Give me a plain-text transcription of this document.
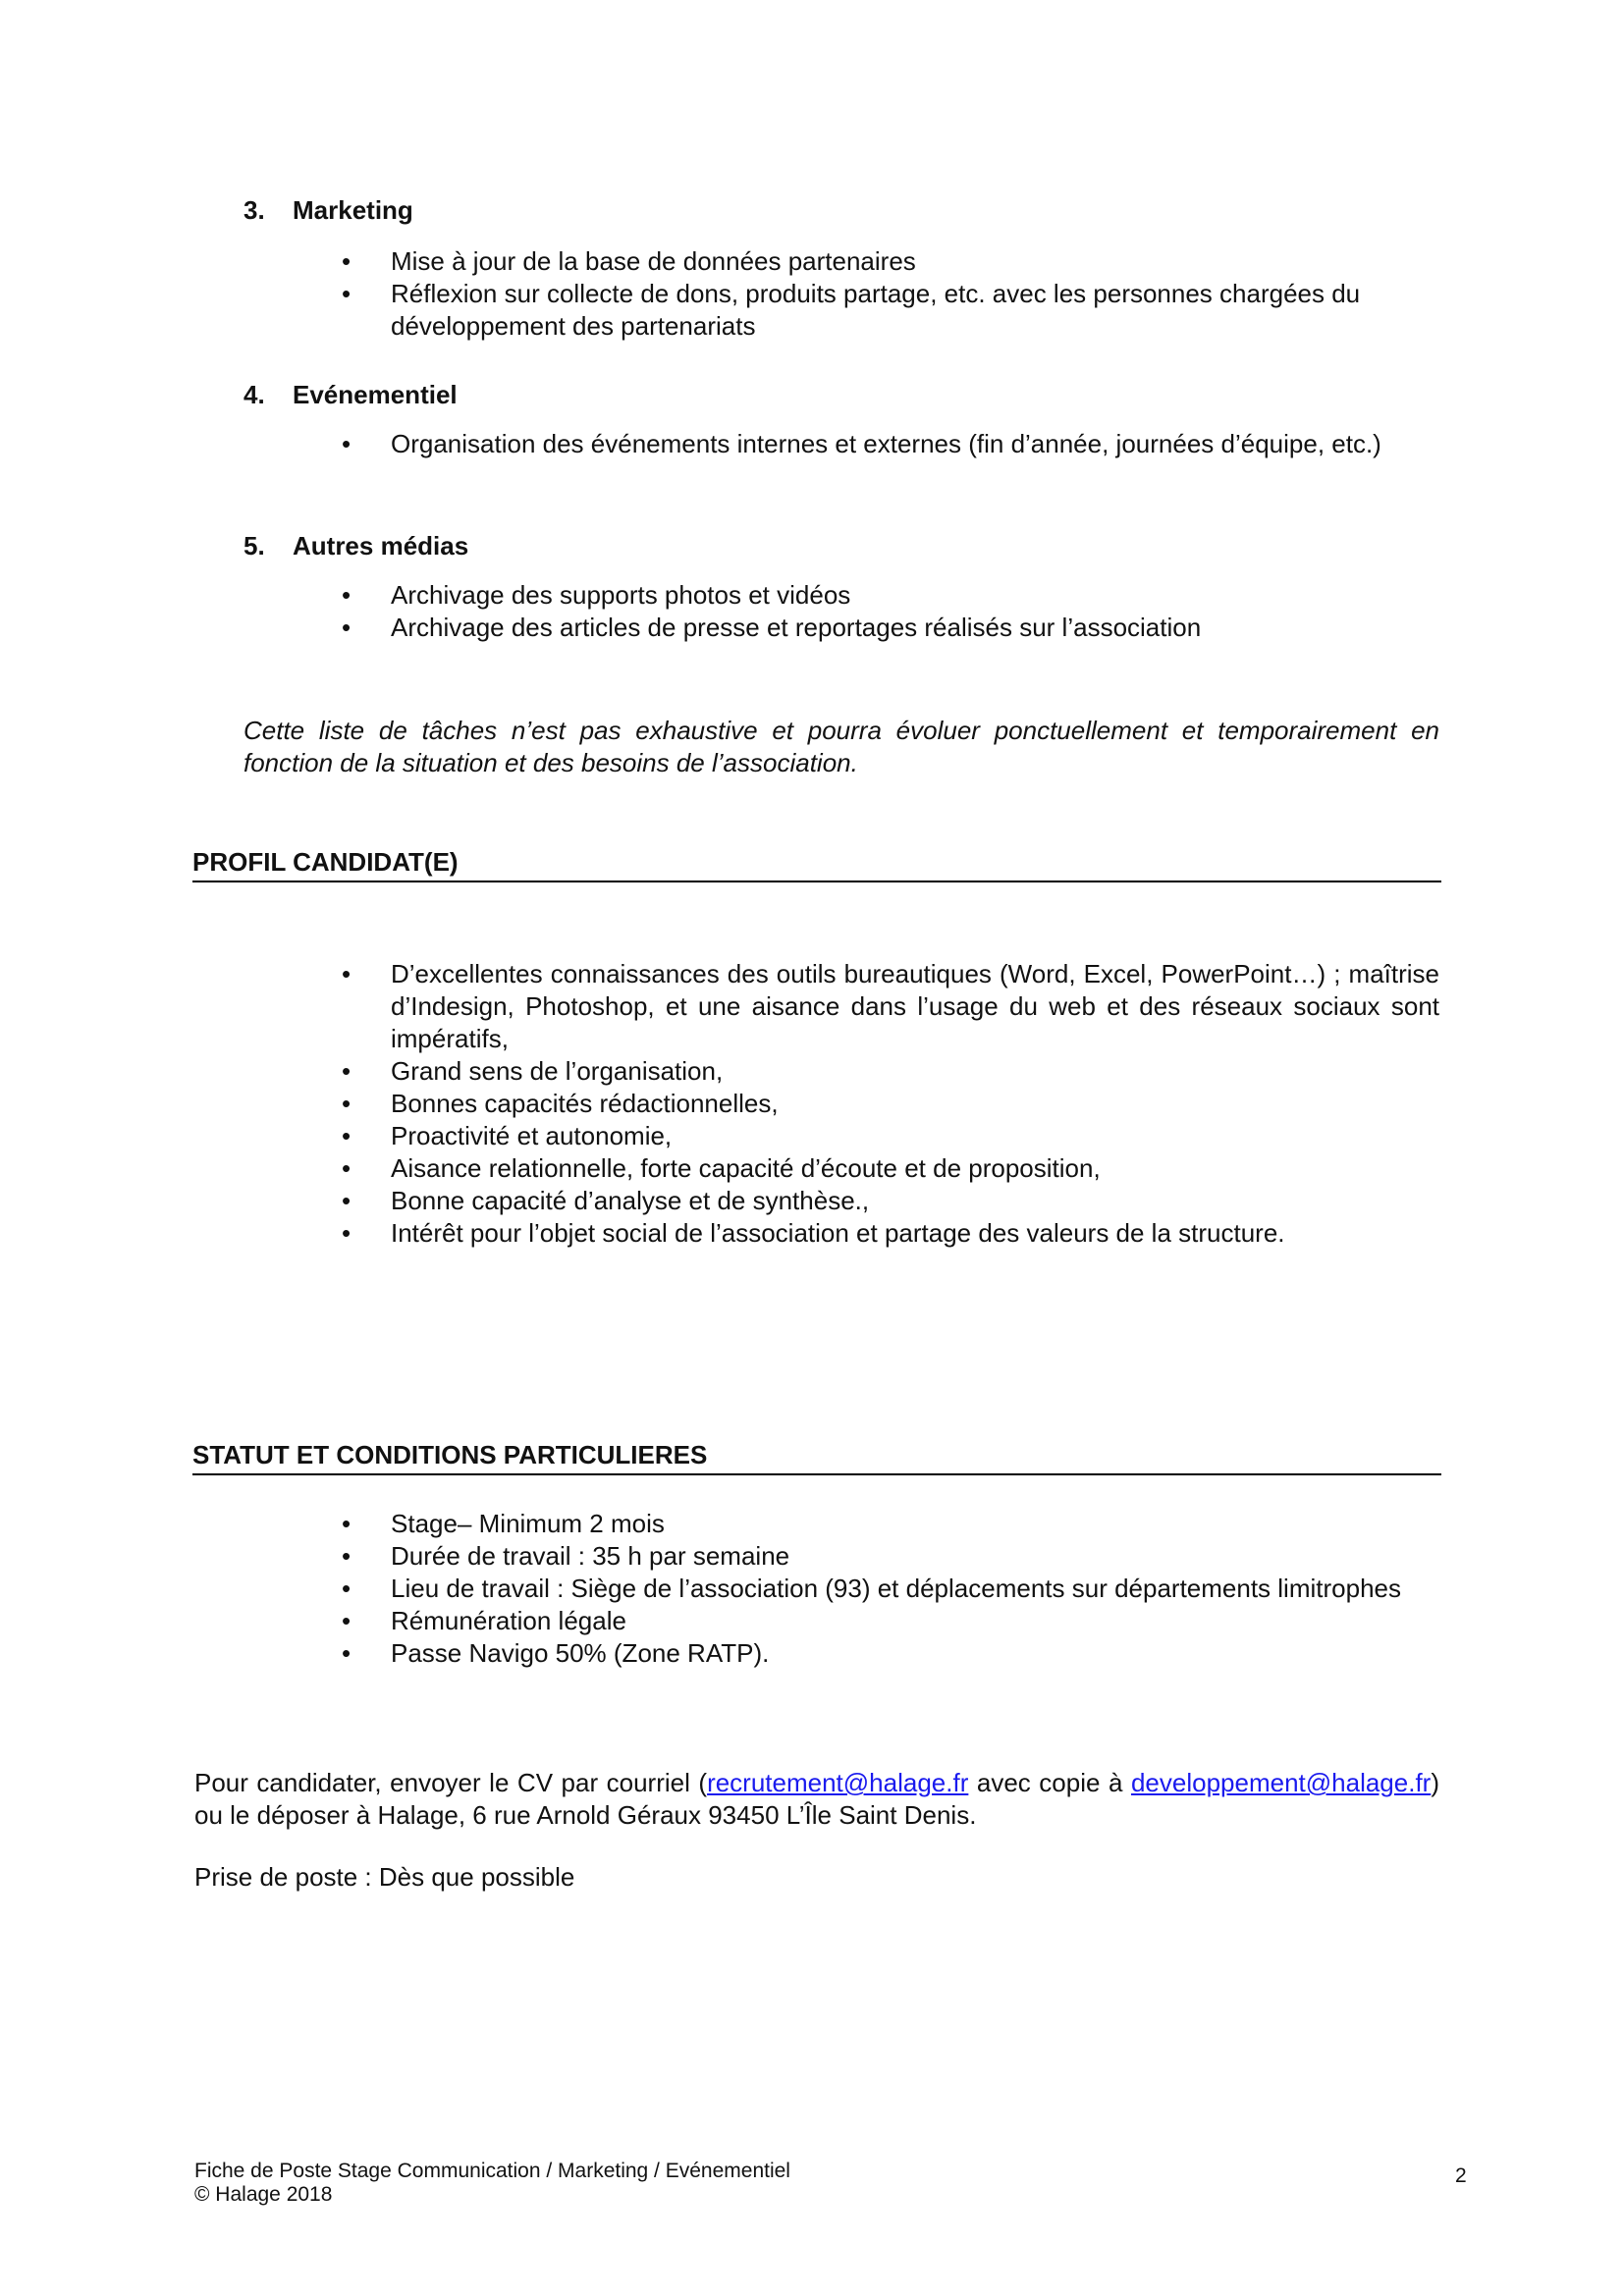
3. Marketing
• Mise à jour de la base de données partenaires
• Réflexion sur collecte de dons, produits partage, etc. avec les personnes chargées du développement des partenariats
4. Evénementiel
• Organisation des événements internes et externes (fin d’année, journées d’équipe, etc.)
5. Autres médias
• Archivage des supports photos et vidéos
• Archivage des articles de presse et reportages réalisés sur l’association
Cette liste de tâches n’est pas exhaustive et pourra évoluer ponctuellement et temporairement en fonction de la situation et des besoins de l’association.
PROFIL CANDIDAT(E)
• D’excellentes connaissances des outils bureautiques (Word, Excel, PowerPoint…) ; maîtrise d’Indesign, Photoshop, et une aisance dans l’usage du web et des réseaux sociaux sont impératifs,
• Grand sens de l’organisation,
• Bonnes capacités rédactionnelles,
• Proactivité et autonomie,
• Aisance relationnelle, forte capacité d’écoute et de proposition,
• Bonne capacité d’analyse et de synthèse.,
• Intérêt pour l’objet social de l’association et partage des valeurs de la structure.
STATUT ET CONDITIONS PARTICULIERES
• Stage– Minimum 2 mois
• Durée de travail : 35 h par semaine
• Lieu de travail : Siège de l’association (93) et déplacements sur départements limitrophes
• Rémunération légale
• Passe Navigo 50% (Zone RATP).
Pour candidater, envoyer le CV par courriel (recrutement@halage.fr avec copie à developpement@halage.fr) ou le déposer à Halage, 6 rue Arnold Géraux 93450 L’Île Saint Denis.
Prise de poste : Dès que possible
Fiche de Poste Stage Communication / Marketing / Evénementiel
© Halage 2018
2
